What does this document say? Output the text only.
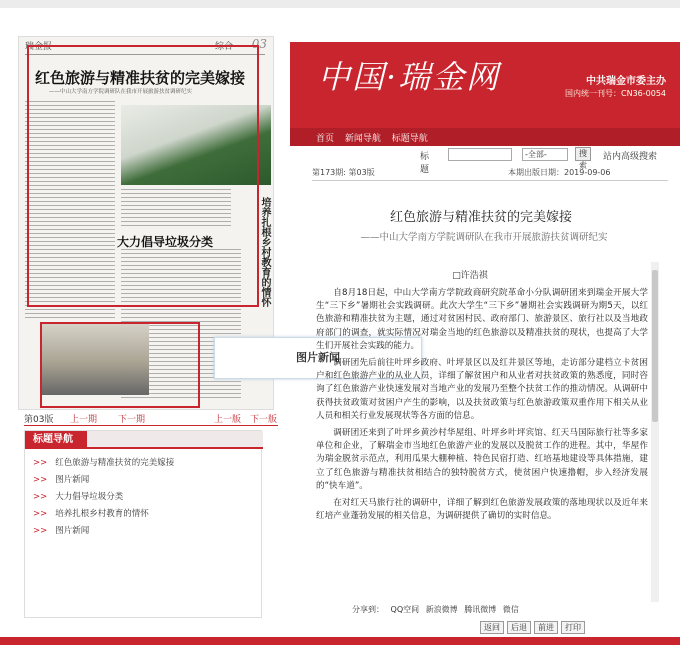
中国·瑞金网	中共瑞金市委主办
国内统一刊号：CN36-0054
首页 新闻导航 标题导航
瑞金报	综合 03
红色旅游与精准扶贫的完美嫁接
——中山大学南方学院调研队在我市开展旅游扶贫调研纪实
大力倡导垃圾分类	培养扎根乡村教育的情怀
图片新闻
第03版 上一期 下一期	上一版 下一版
标题导航
>> 红色旅游与精准扶贫的完美嫁接
>> 图片新闻
>> 大力倡导垃圾分类
>> 培养扎根乡村教育的情怀
>> 图片新闻
标题
-全部-	搜索
站内高级搜索
第173期: 第03版	本期出版日期：2019-09-06
红色旅游与精准扶贫的完美嫁接
——中山大学南方学院调研队在我市开展旅游扶贫调研纪实
□许浩祺

自8月18日起，中山大学南方学院政商研究院革命小分队调研团来到瑞金开展大学生“三下乡”暑期社会实践调研。此次大学生“三下乡”暑期社会实践调研为期5天，以红色旅游和精准扶贫为主题，通过对贫困村民、政府部门、旅游景区、旅行社以及当地政府部门的调查，就实际情况对瑞金当地的红色旅游以及精准扶贫的现状，也提高了大学生们开展社会实践的能力。

调研团先后前往叶坪乡政府、叶坪景区以及红井景区等地，走访部分建档立卡贫困户和红色旅游产业的从业人员，详细了解贫困户和从业者对扶贫政策的熟悉度，同时咨询了红色旅游产业快速发展对当地产业的发展乃至整个扶贫工作的推动情况。从调研中获得扶贫政策对贫困户产生的影响，以及扶贫政策与红色旅游政策双重作用下相关从业人员和相关行业发展现状等各方面的信息。

调研团还来到了叶坪乡黄沙村华屋组、叶坪乡叶坪宾馆、红天马国际旅行社等多家单位和企业，了解瑞金市当地红色旅游产业的发展以及脱贫工作的进程。其中，华屋作为瑞金脱贫示范点，利用瓜果大棚种植、特色民宿打造、红培基地建设等具体措施，建立了红色旅游与精准扶贫相结合的独特脱贫方式，使贫困户快速撸帽，步入经济发展的“快车道”。

在对红天马旅行社的调研中，详细了解到红色旅游发展政策的落地现状以及近年来红培产业蓬勃发展的相关信息，为调研提供了确切的实时信息。

分享到： QQ空间 新浪微博 腾讯微博 微信
返回 后退 前进 打印
